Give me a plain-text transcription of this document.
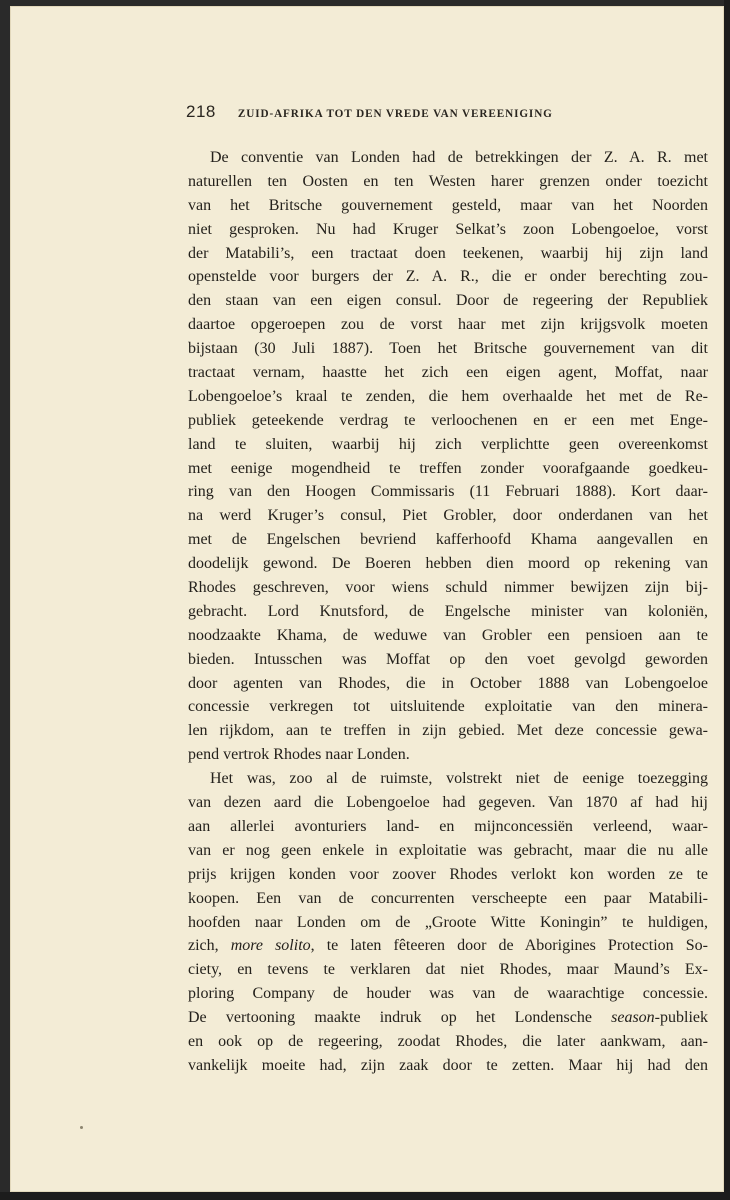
218 ZUID-AFRIKA TOT DEN VREDE VAN VEREENIGING
De conventie van Londen had de betrekkingen der Z. A. R. met
naturellen ten Oosten en ten Westen harer grenzen onder toezicht
van het Britsche gouvernement gesteld, maar van het Noorden
niet gesproken. Nu had Kruger Selkat’s zoon Lobengoeloe, vorst
der Matabili’s, een tractaat doen teekenen, waarbij hij zijn land
openstelde voor burgers der Z. A. R., die er onder berechting zou-
den staan van een eigen consul. Door de regeering der Republiek
daartoe opgeroepen zou de vorst haar met zijn krijgsvolk moeten
bijstaan (30 Juli 1887). Toen het Britsche gouvernement van dit
tractaat vernam, haastte het zich een eigen agent, Moffat, naar
Lobengoeloe’s kraal te zenden, die hem overhaalde het met de Re-
publiek geteekende verdrag te verloochenen en er een met Enge-
land te sluiten, waarbij hij zich verplichtte geen overeenkomst
met eenige mogendheid te treffen zonder voorafgaande goedkeu-
ring van den Hoogen Commissaris (11 Februari 1888). Kort daar-
na werd Kruger’s consul, Piet Grobler, door onderdanen van het
met de Engelschen bevriend kafferhoofd Khama aangevallen en
doodelijk gewond. De Boeren hebben dien moord op rekening van
Rhodes geschreven, voor wiens schuld nimmer bewijzen zijn bij-
gebracht. Lord Knutsford, de Engelsche minister van koloniën,
noodzaakte Khama, de weduwe van Grobler een pensioen aan te
bieden. Intusschen was Moffat op den voet gevolgd geworden
door agenten van Rhodes, die in October 1888 van Lobengoeloe
concessie verkregen tot uitsluitende exploitatie van den minera-
len rijkdom, aan te treffen in zijn gebied. Met deze concessie gewa-
pend vertrok Rhodes naar Londen.
Het was, zoo al de ruimste, volstrekt niet de eenige toezegging
van dezen aard die Lobengoeloe had gegeven. Van 1870 af had hij
aan allerlei avonturiers land- en mijnconcessiën verleend, waar-
van er nog geen enkele in exploitatie was gebracht, maar die nu alle
prijs krijgen konden voor zoover Rhodes verlokt kon worden ze te
koopen. Een van de concurrenten verscheepte een paar Matabili-
hoofden naar Londen om de „Groote Witte Koningin” te huldigen,
zich, more solito, te laten fêteeren door de Aborigines Protection So-
ciety, en tevens te verklaren dat niet Rhodes, maar Maund’s Ex-
ploring Company de houder was van de waarachtige concessie.
De vertooning maakte indruk op het Londensche season-publiek
en ook op de regeering, zoodat Rhodes, die later aankwam, aan-
vankelijk moeite had, zijn zaak door te zetten. Maar hij had den
